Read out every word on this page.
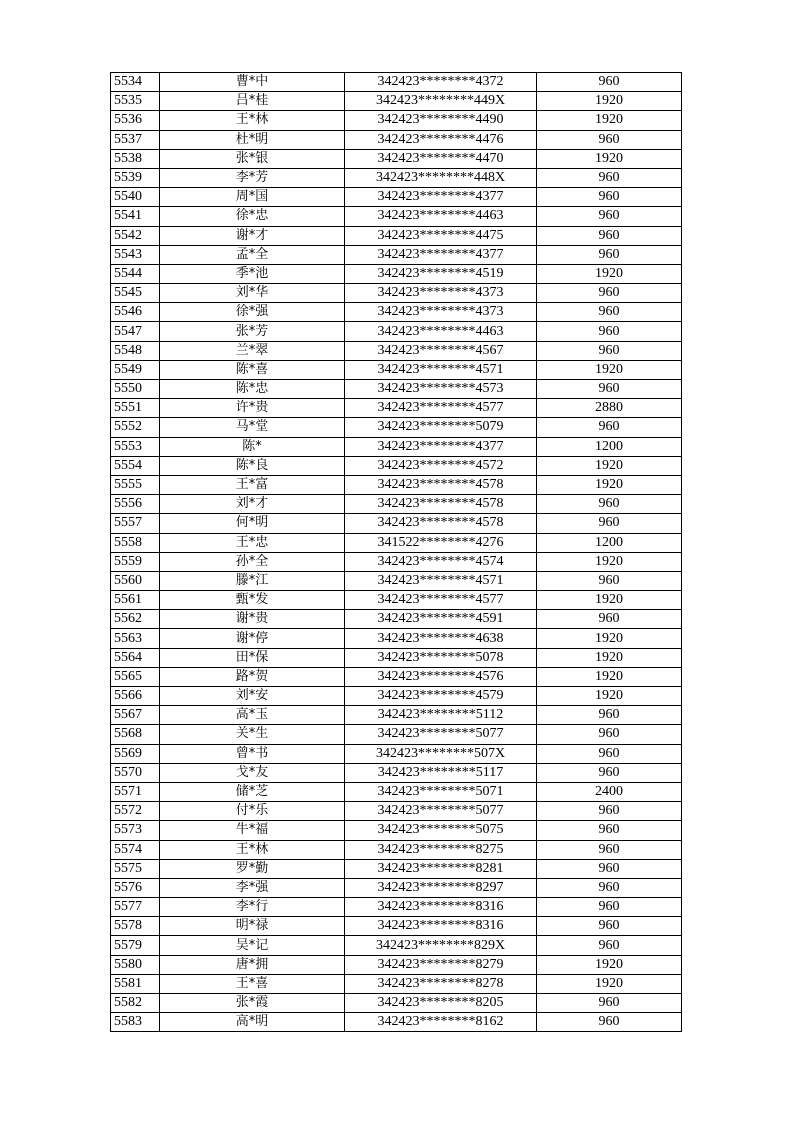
5534	曹*中	342423********4372	960
5535	吕*桂	342423********449X	1920
5536	王*林	342423********4490	1920
5537	杜*明	342423********4476	960
5538	张*银	342423********4470	1920
5539	李*芳	342423********448X	960
5540	周*国	342423********4377	960
5541	徐*忠	342423********4463	960
5542	谢*才	342423********4475	960
5543	孟*全	342423********4377	960
5544	季*池	342423********4519	1920
5545	刘*华	342423********4373	960
5546	徐*强	342423********4373	960
5547	张*芳	342423********4463	960
5548	兰*翠	342423********4567	960
5549	陈*喜	342423********4571	1920
5550	陈*忠	342423********4573	960
5551	许*贵	342423********4577	2880
5552	马*堂	342423********5079	960
5553	陈*	342423********4377	1200
5554	陈*良	342423********4572	1920
5555	王*富	342423********4578	1920
5556	刘*才	342423********4578	960
5557	何*明	342423********4578	960
5558	王*忠	341522********4276	1200
5559	孙*全	342423********4574	1920
5560	滕*江	342423********4571	960
5561	甄*发	342423********4577	1920
5562	谢*贵	342423********4591	960
5563	谢*停	342423********4638	1920
5564	田*保	342423********5078	1920
5565	路*贺	342423********4576	1920
5566	刘*安	342423********4579	1920
5567	高*玉	342423********5112	960
5568	关*生	342423********5077	960
5569	曾*书	342423********507X	960
5570	戈*友	342423********5117	960
5571	储*芝	342423********5071	2400
5572	付*乐	342423********5077	960
5573	牛*福	342423********5075	960
5574	王*林	342423********8275	960
5575	罗*勤	342423********8281	960
5576	李*强	342423********8297	960
5577	李*行	342423********8316	960
5578	明*禄	342423********8316	960
5579	吴*记	342423********829X	960
5580	唐*拥	342423********8279	1920
5581	王*喜	342423********8278	1920
5582	张*霞	342423********8205	960
5583	高*明	342423********8162	960
